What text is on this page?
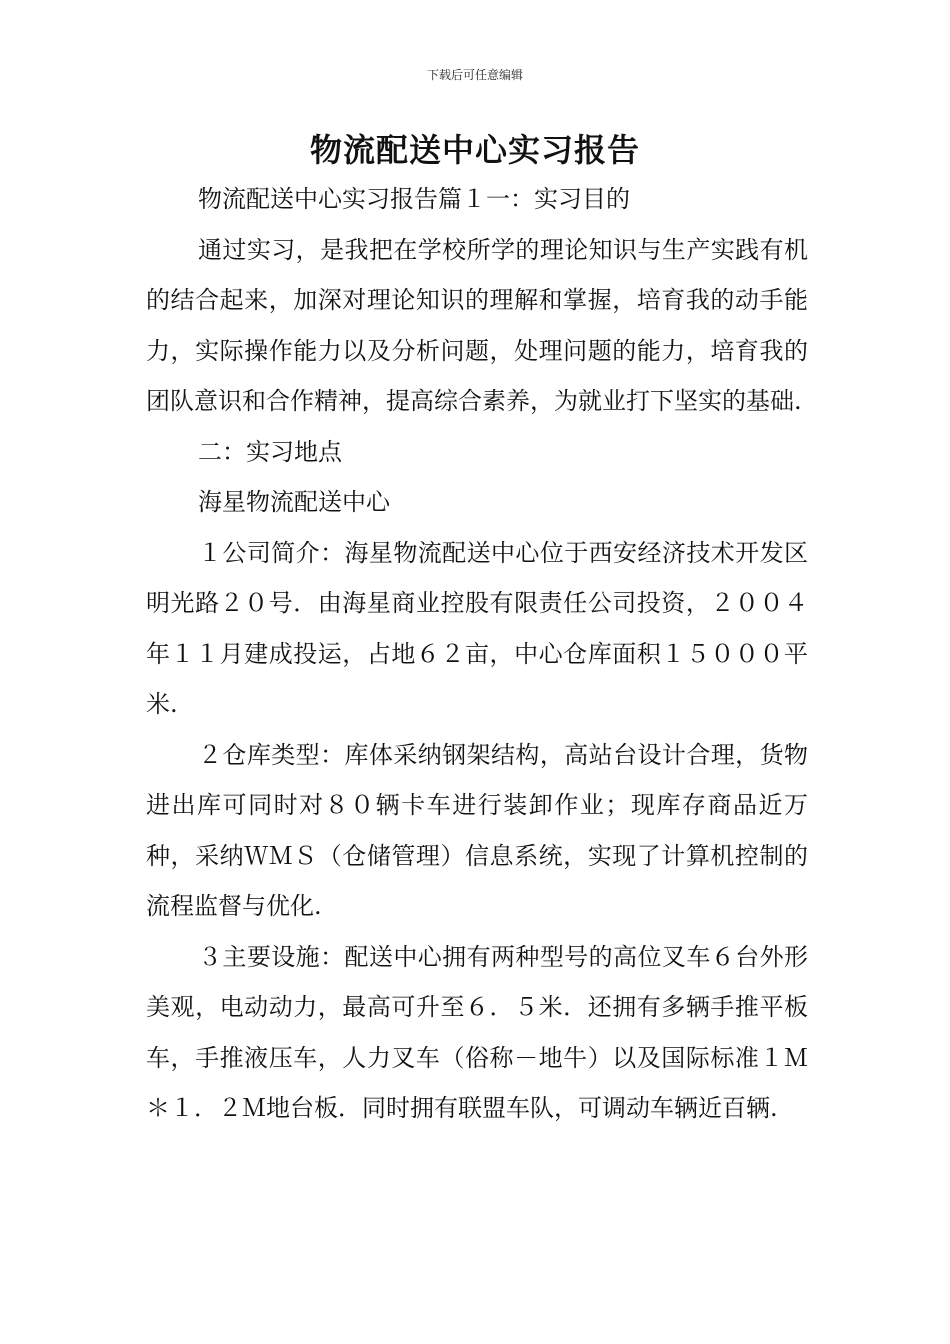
下载后可任意编辑
物流配送中心实习报告

物流配送中心实习报告篇１一：实习目的

通过实习，是我把在学校所学的理论知识与生产实践有机的结合起来，加深对理论知识的理解和掌握，培育我的动手能力，实际操作能力以及分析问题，处理问题的能力，培育我的团队意识和合作精神，提高综合素养，为就业打下坚实的基础.

二：实习地点

海星物流配送中心

１公司简介：海星物流配送中心位于西安经济技术开发区明光路２０号．由海星商业控股有限责任公司投资，２００４年１１月建成投运，占地６２亩，中心仓库面积１５０００平米.

２仓库类型：库体采纳钢架结构，高站台设计合理，货物进出库可同时对８０辆卡车进行装卸作业；现库存商品近万种，采纳ＷＭＳ（仓储管理）信息系统，实现了计算机控制的流程监督与优化.

３主要设施：配送中心拥有两种型号的高位叉车６台外形美观，电动动力，最高可升至６．５米．还拥有多辆手推平板车，手推液压车，人力叉车（俗称－地牛）以及国际标准１Ｍ＊１．２Ｍ地台板．同时拥有联盟车队，可调动车辆近百辆.
